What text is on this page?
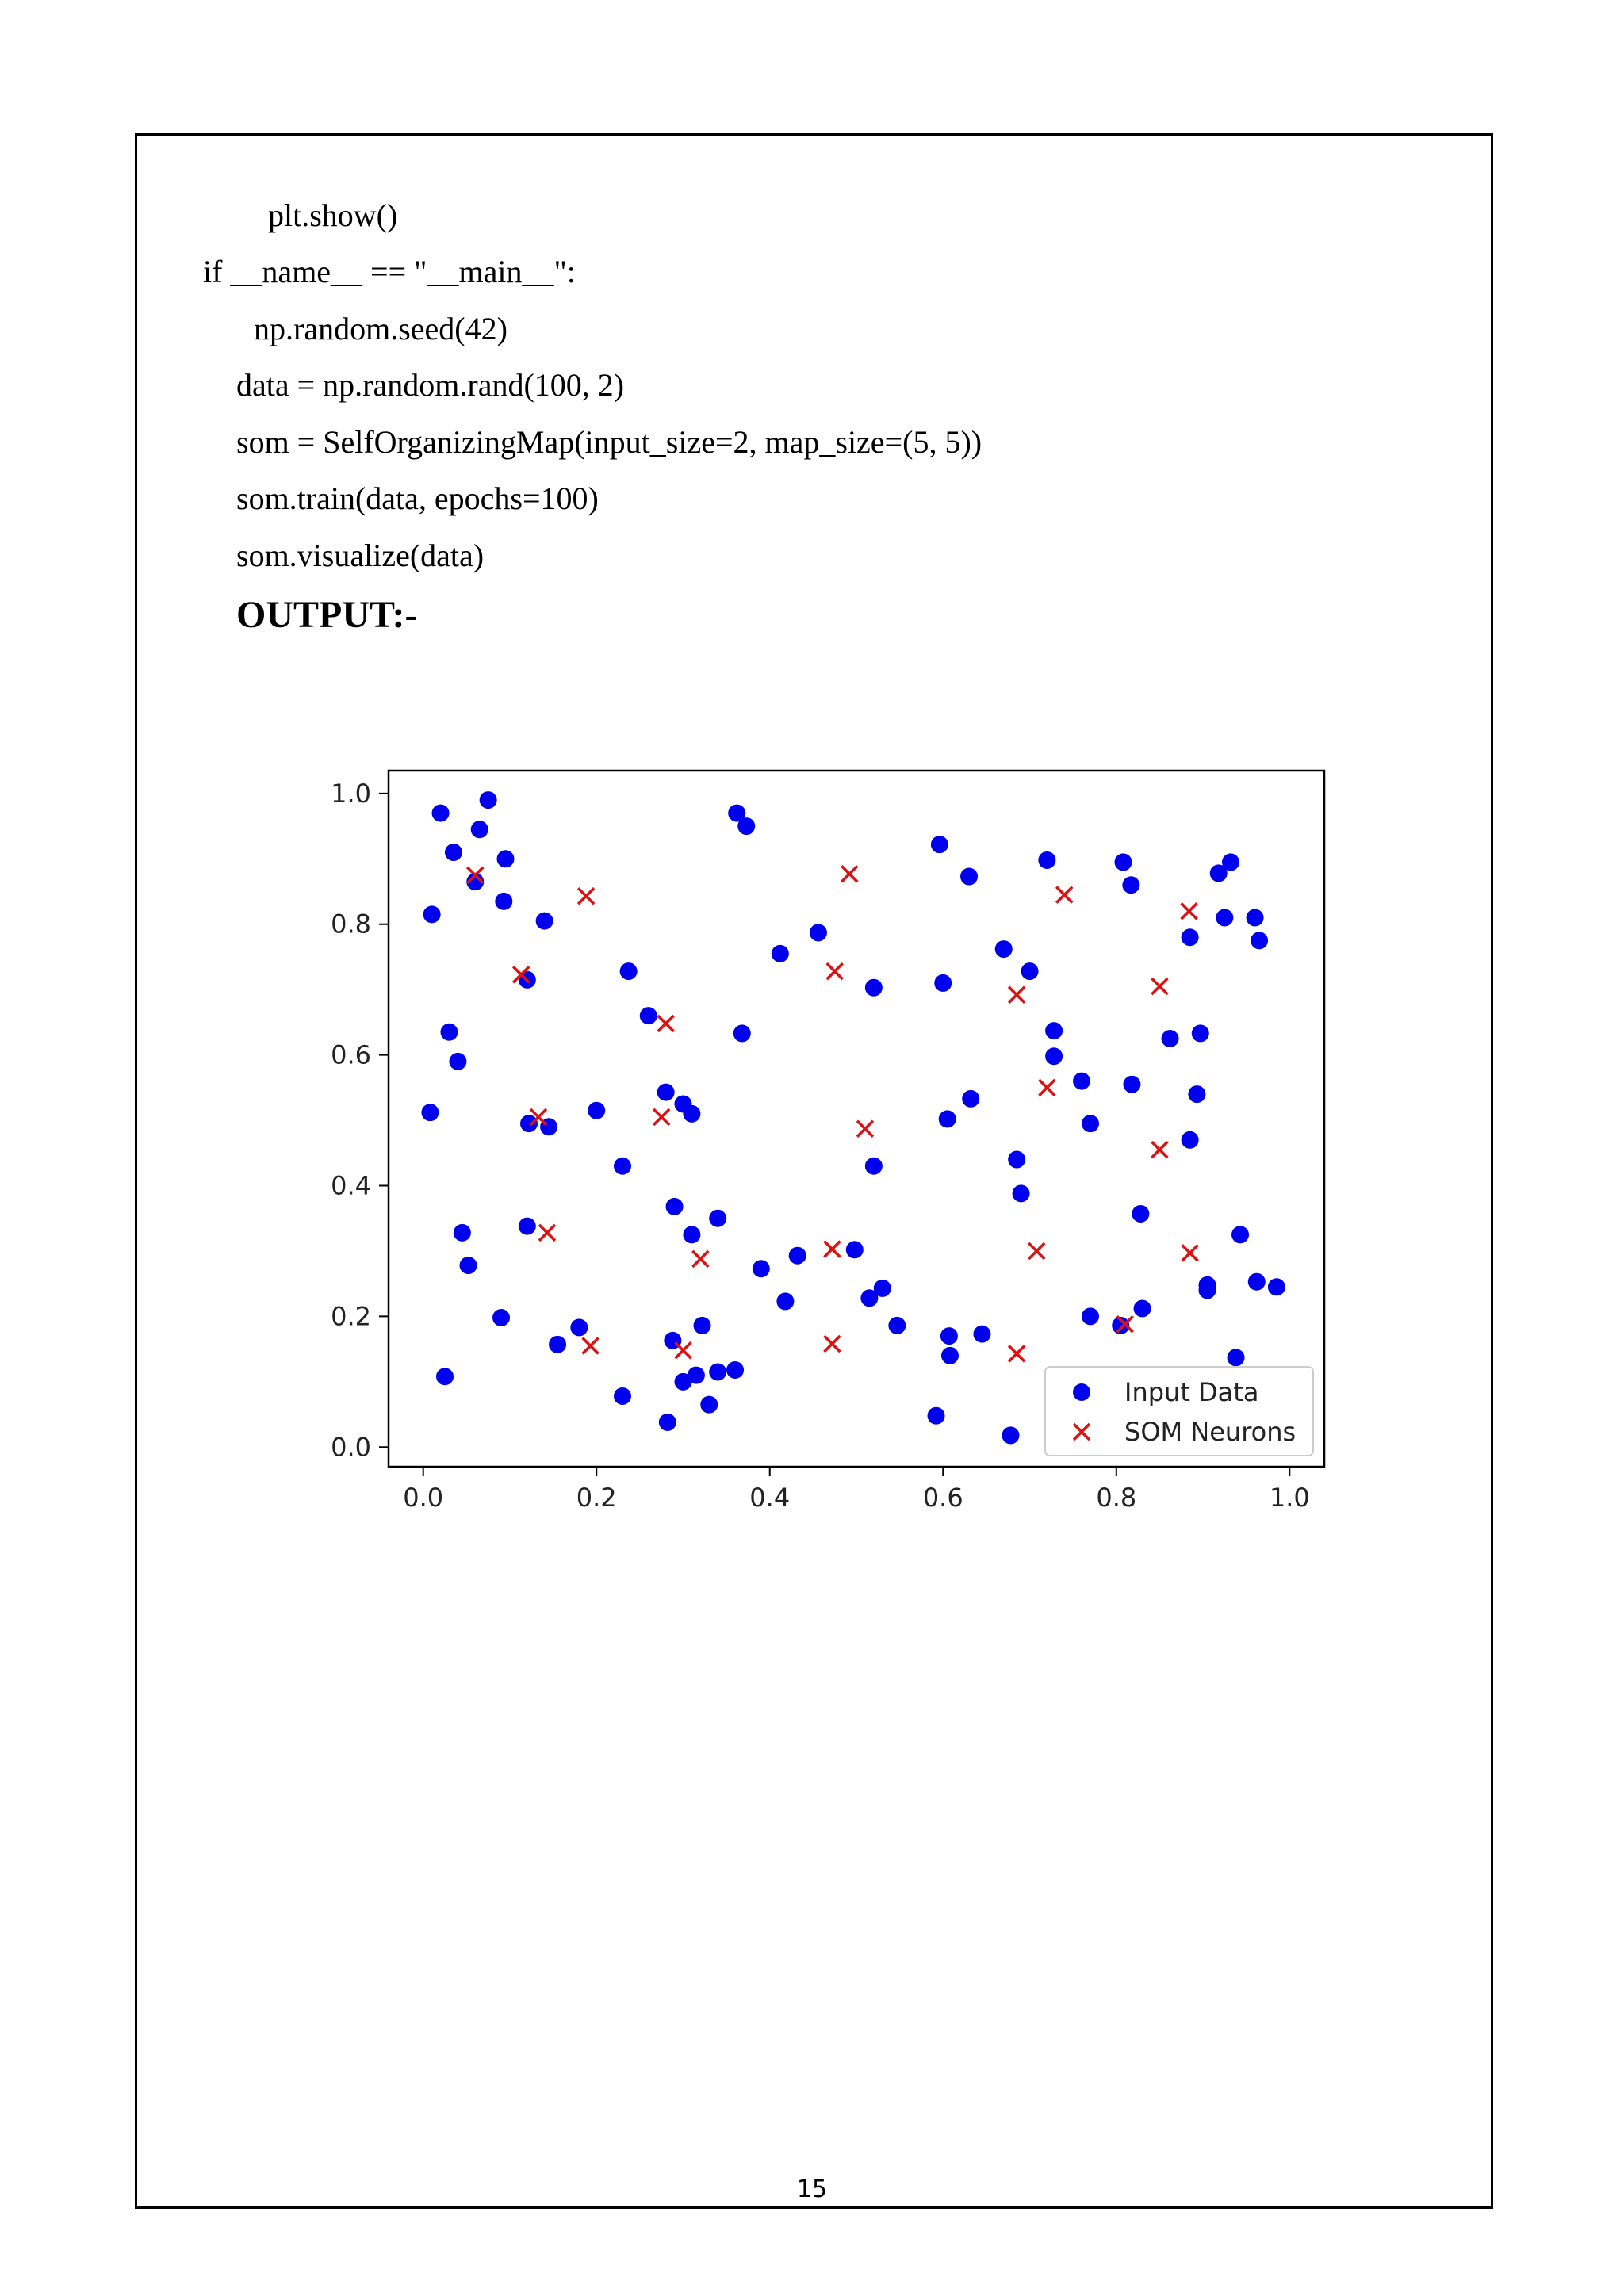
plt.show()
if __name__ == "__main__":
np.random.seed(42)
data = np.random.rand(100, 2)
som = SelfOrganizingMap(input_size=2, map_size=(5, 5))
som.train(data, epochs=100)
som.visualize(data)
OUTPUT:-
0.0	0.2	0.4	0.6	0.8	1.0
0.0
0.2
0.4
0.6
0.8
1.0
Input Data
SOM Neurons
15
